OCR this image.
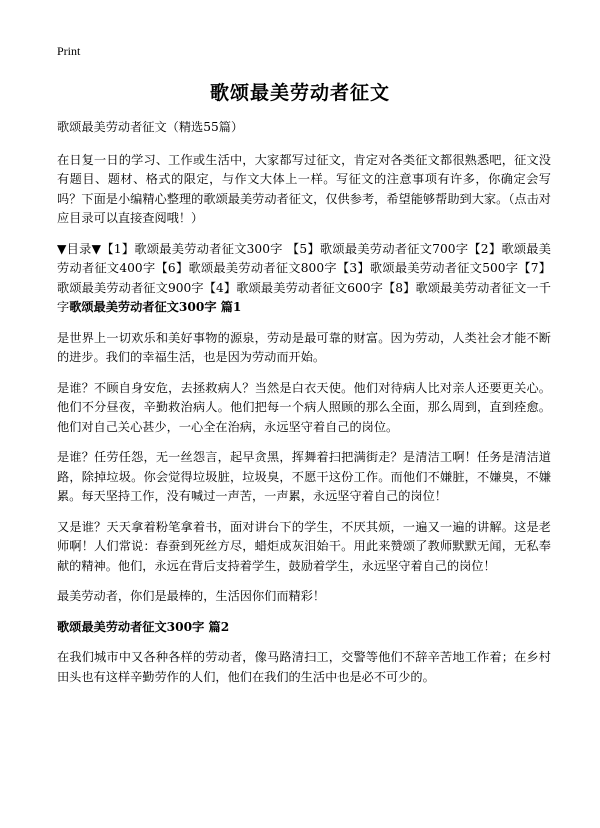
Print
歌颂最美劳动者征文

歌颂最美劳动者征文（精选55篇）

在日复一日的学习、工作或生活中，大家都写过征文，肯定对各类征文都很熟悉吧，征文没有题目、题材、格式的限定，与作文大体上一样。写征文的注意事项有许多，你确定会写吗？下面是小编精心整理的歌颂最美劳动者征文，仅供参考，希望能够帮助到大家。（点击对应目录可以直接查阅哦！）

▼目录▼【1】歌颂最美劳动者征文300字 【5】歌颂最美劳动者征文700字【2】歌颂最美劳动者征文400字【6】歌颂最美劳动者征文800字【3】歌颂最美劳动者征文500字【7】歌颂最美劳动者征文900字【4】歌颂最美劳动者征文600字【8】歌颂最美劳动者征文一千字歌颂最美劳动者征文300字 篇1

是世界上一切欢乐和美好事物的源泉，劳动是最可靠的财富。因为劳动，人类社会才能不断的进步。我们的幸福生活，也是因为劳动而开始。

是谁？不顾自身安危，去拯救病人？当然是白衣天使。他们对待病人比对亲人还要更关心。他们不分昼夜，辛勤救治病人。他们把每一个病人照顾的那么全面，那么周到，直到痊愈。他们对自己关心甚少，一心全在治病，永远坚守着自己的岗位。

是谁？任劳任怨，无一丝怨言，起早贪黑，挥舞着扫把满街走？是清洁工啊！任务是清洁道路，除掉垃圾。你会觉得垃圾脏，垃圾臭，不愿干这份工作。而他们不嫌脏，不嫌臭，不嫌累。每天坚持工作，没有喊过一声苦，一声累，永远坚守着自己的岗位！

又是谁？天天拿着粉笔拿着书，面对讲台下的学生，不厌其烦，一遍又一遍的讲解。这是老师啊！人们常说：春蚕到死丝方尽，蜡炬成灰泪始干。用此来赞颂了教师默默无闻，无私奉献的精神。他们，永远在背后支持着学生，鼓励着学生，永远坚守着自己的岗位！

最美劳动者，你们是最棒的，生活因你们而精彩！

歌颂最美劳动者征文300字 篇2

在我们城市中又各种各样的劳动者，像马路清扫工，交警等他们不辞辛苦地工作着；在乡村田头也有这样辛勤劳作的人们，他们在我们的生活中也是必不可少的。
